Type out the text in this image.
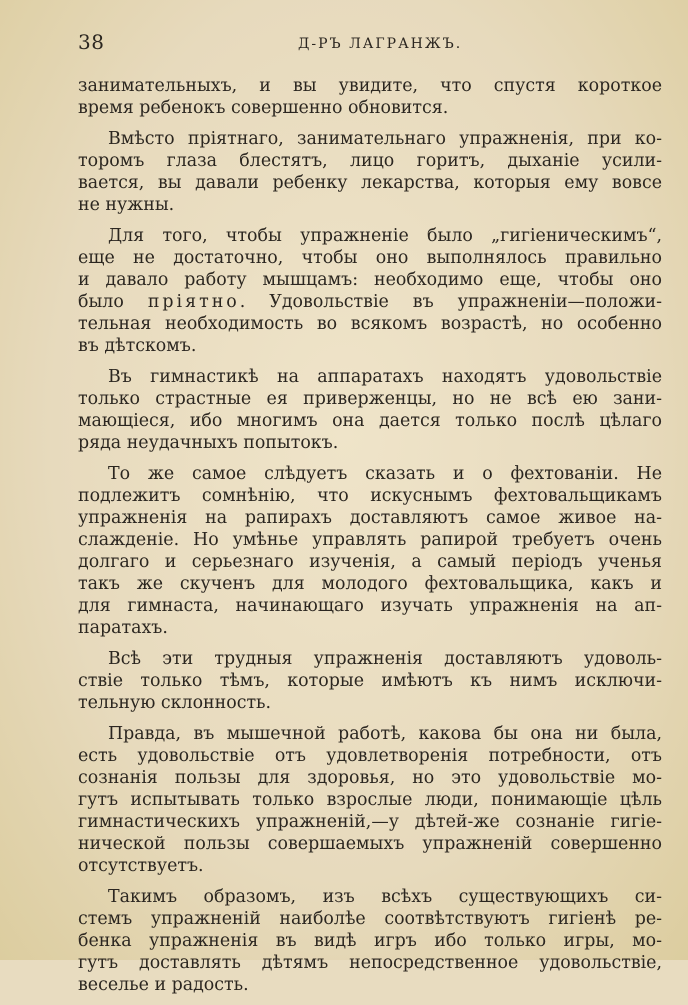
38	Д-РЪ ЛАГРАНЖЪ.
занимательныхъ, и вы увидите, что спустя короткое
время ребенокъ совершенно обновится.
Вмѣсто пріятнаго, занимательнаго упражненія, при ко-
торомъ глаза блестятъ, лицо горитъ, дыханіе усили-
вается, вы давали ребенку лекарства, которыя ему вовсе
не нужны.
Для того, чтобы упражненіе было „гигіеническимъ“,
еще не достаточно, чтобы оно выполнялось правильно
и давало работу мышцамъ: необходимо еще, чтобы оно
было пріятно. Удовольствіе въ упражненіи—положи-
тельная необходимость во всякомъ возрастѣ, но особенно
въ дѣтскомъ.
Въ гимнастикѣ на аппаратахъ находятъ удовольствіе
только страстные ея приверженцы, но не всѣ ею зани-
мающіеся, ибо многимъ она дается только послѣ цѣлаго
ряда неудачныхъ попытокъ.
То же самое слѣдуетъ сказать и о фехтованіи. Не
подлежитъ сомнѣнію, что искуснымъ фехтовальщикамъ
упражненія на рапирахъ доставляютъ самое живое на-
слажденіе. Но умѣнье управлять рапирой требуетъ очень
долгаго и серьезнаго изученія, а самый періодъ ученья
такъ же скученъ для молодого фехтовальщика, какъ и
для гимнаста, начинающаго изучать упражненія на ап-
паратахъ.
Всѣ эти трудныя упражненія доставляютъ удоволь-
ствіе только тѣмъ, которые имѣютъ къ нимъ исключи-
тельную склонность.
Правда, въ мышечной работѣ, какова бы она ни была,
есть удовольствіе отъ удовлетворенія потребности, отъ
сознанія пользы для здоровья, но это удовольствіе мо-
гутъ испытывать только взрослые люди, понимающіе цѣль
гимнастическихъ упражненій,—у дѣтей-же сознаніе гигіе-
нической пользы совершаемыхъ упражненій совершенно
отсутствуетъ.
Такимъ образомъ, изъ всѣхъ существующихъ си-
стемъ упражненій наиболѣе соотвѣтствуютъ гигіенѣ ре-
бенка упражненія въ видѣ игръ ибо только игры, мо-
гутъ доставлять дѣтямъ непосредственное удовольствіе,
веселье и радость.
